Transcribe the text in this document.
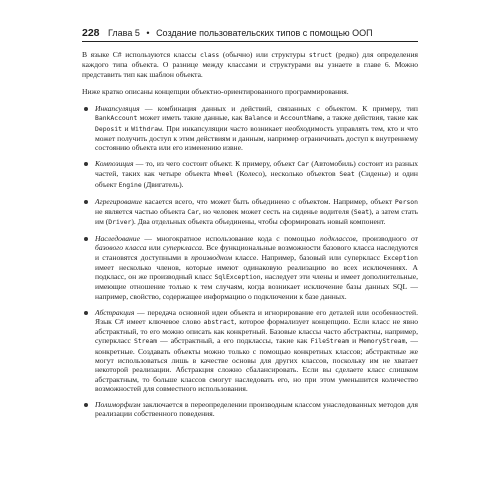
228 Глава 5 • Создание пользовательских типов с помощью ООП

В языке C# используются классы class (обычно) или структуры struct (редко) для определения каждого типа объекта. О разнице между классами и структурами вы узнаете в главе 6. Можно представить тип как шаблон объекта.

Ниже кратко описаны концепции объектно-ориентированного программирования.

Инкапсуляция — комбинация данных и действий, связанных с объектом. К примеру, тип BankAccount может иметь такие данные, как Balance и AccountName, а также действия, такие как Deposit и Withdraw. При инкапсуляции часто возникает необходимость управлять тем, кто и что может получить доступ к этим действиям и данным, например ограничивать доступ к внутреннему состоянию объекта или его изменению извне.
Композиция — то, из чего состоит объект. К примеру, объект Car (Автомобиль) состоит из разных частей, таких как четыре объекта Wheel (Колесо), несколько объектов Seat (Сиденье) и один объект Engine (Двигатель).
Агрегирование касается всего, что может быть объединено с объектом. Например, объект Person не является частью объекта Car, но человек может сесть на сиденье водителя (Seat), а затем стать им (Driver). Два отдельных объекта объединены, чтобы сформировать новый компонент.
Наследование — многократное использование кода с помощью подклассов, производного от базового класса или суперкласса. Все функциональные возможности базового класса наследуются и становятся доступными в производном классе. Например, базовый или суперкласс Exception имеет несколько членов, которые имеют одинаковую реализацию во всех исключениях. А подкласс, он же производный класс SqlException, наследует эти члены и имеет дополнительные, имеющие отношение только к тем случаям, когда возникает исключение базы данных SQL — например, свойство, содержащее информацию о подключении к базе данных.
Абстракция — передача основной идеи объекта и игнорирование его деталей или особенностей. Язык C# имеет ключевое слово abstract, которое формализует концепцию. Если класс не явно абстрактный, то его можно описать как конкретный. Базовые классы часто абстрактны, например, суперкласс Stream — абстрактный, а его подклассы, такие как FileStream и MemoryStream, — конкретные. Создавать объекты можно только с помощью конкретных классов; абстрактные же могут использоваться лишь в качестве основы для других классов, поскольку им не хватает некоторой реализации. Абстракция сложно сбалансировать. Если вы сделаете класс слишком абстрактным, то больше классов смогут наследовать его, но при этом уменьшится количество возможностей для совместного использования.
Полиморфизм заключается в переопределении производным классом унаследованных методов для реализации собственного поведения.
